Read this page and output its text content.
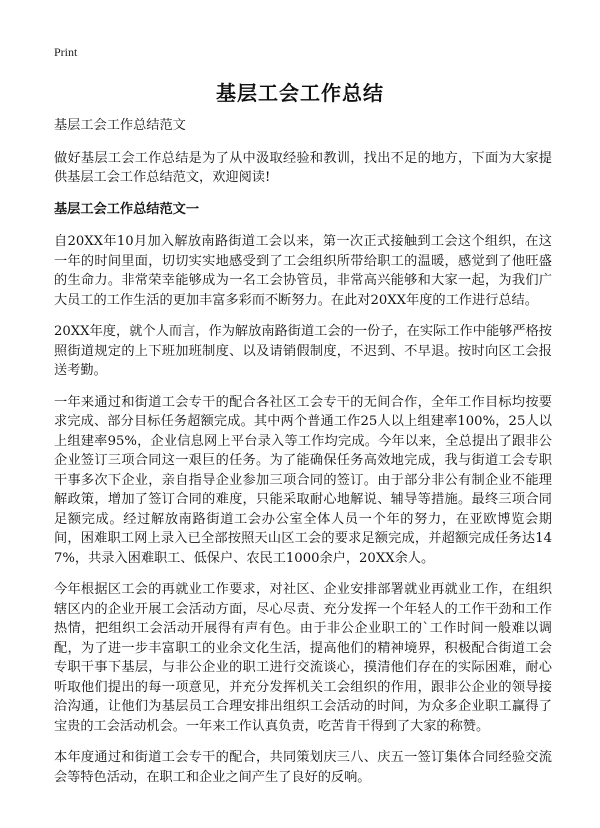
Print
基层工会工作总结

基层工会工作总结范文

做好基层工会工作总结是为了从中汲取经验和教训，找出不足的地方，下面为大家提供基层工会工作总结范文，欢迎阅读!

基层工会工作总结范文一

自20XX年10月加入解放南路街道工会以来，第一次正式接触到工会这个组织，在这一年的时间里面，切切实实地感受到了工会组织所带给职工的温暖，感觉到了他旺盛的生命力。非常荣幸能够成为一名工会协管员，非常高兴能够和大家一起，为我们广大员工的工作生活的更加丰富多彩而不断努力。在此对20XX年度的工作进行总结。

20XX年度，就个人而言，作为解放南路街道工会的一份子，在实际工作中能够严格按照街道规定的上下班加班制度、以及请销假制度，不迟到、不早退。按时向区工会报送考勤。

一年来通过和街道工会专干的配合各社区工会专干的无间合作，全年工作目标均按要求完成、部分目标任务超额完成。其中两个普通工作25人以上组建率100%，25人以上组建率95%，企业信息网上平台录入等工作均完成。今年以来，全总提出了跟非公企业签订三项合同这一艰巨的任务。为了能确保任务高效地完成，我与街道工会专职干事多次下企业，亲自指导企业参加三项合同的签订。由于部分非公有制企业不能理解政策，增加了签订合同的难度，只能采取耐心地解说、辅导等措施。最终三项合同足额完成。经过解放南路街道工会办公室全体人员一个年的努力，在亚欧博览会期间，困难职工网上录入已全部按照天山区工会的要求足额完成，并超额完成任务达147%，共录入困难职工、低保户、农民工1000余户，20XX余人。

今年根据区工会的再就业工作要求，对社区、企业安排部署就业再就业工作，在组织辖区内的企业开展工会活动方面，尽心尽责、充分发挥一个年轻人的工作干劲和工作热情，把组织工会活动开展得有声有色。由于非公企业职工的`工作时间一般难以调配，为了进一步丰富职工的业余文化生活，提高他们的精神境界，积极配合街道工会专职干事下基层，与非公企业的职工进行交流谈心，摸清他们存在的实际困难，耐心听取他们提出的每一项意见，并充分发挥机关工会组织的作用，跟非公企业的领导接洽沟通，让他们为基层员工合理安排出组织工会活动的时间，为众多企业职工赢得了宝贵的工会活动机会。一年来工作认真负责，吃苦肯干得到了大家的称赞。

本年度通过和街道工会专干的配合，共同策划庆三八、庆五一签订集体合同经验交流会等特色活动，在职工和企业之间产生了良好的反响。
